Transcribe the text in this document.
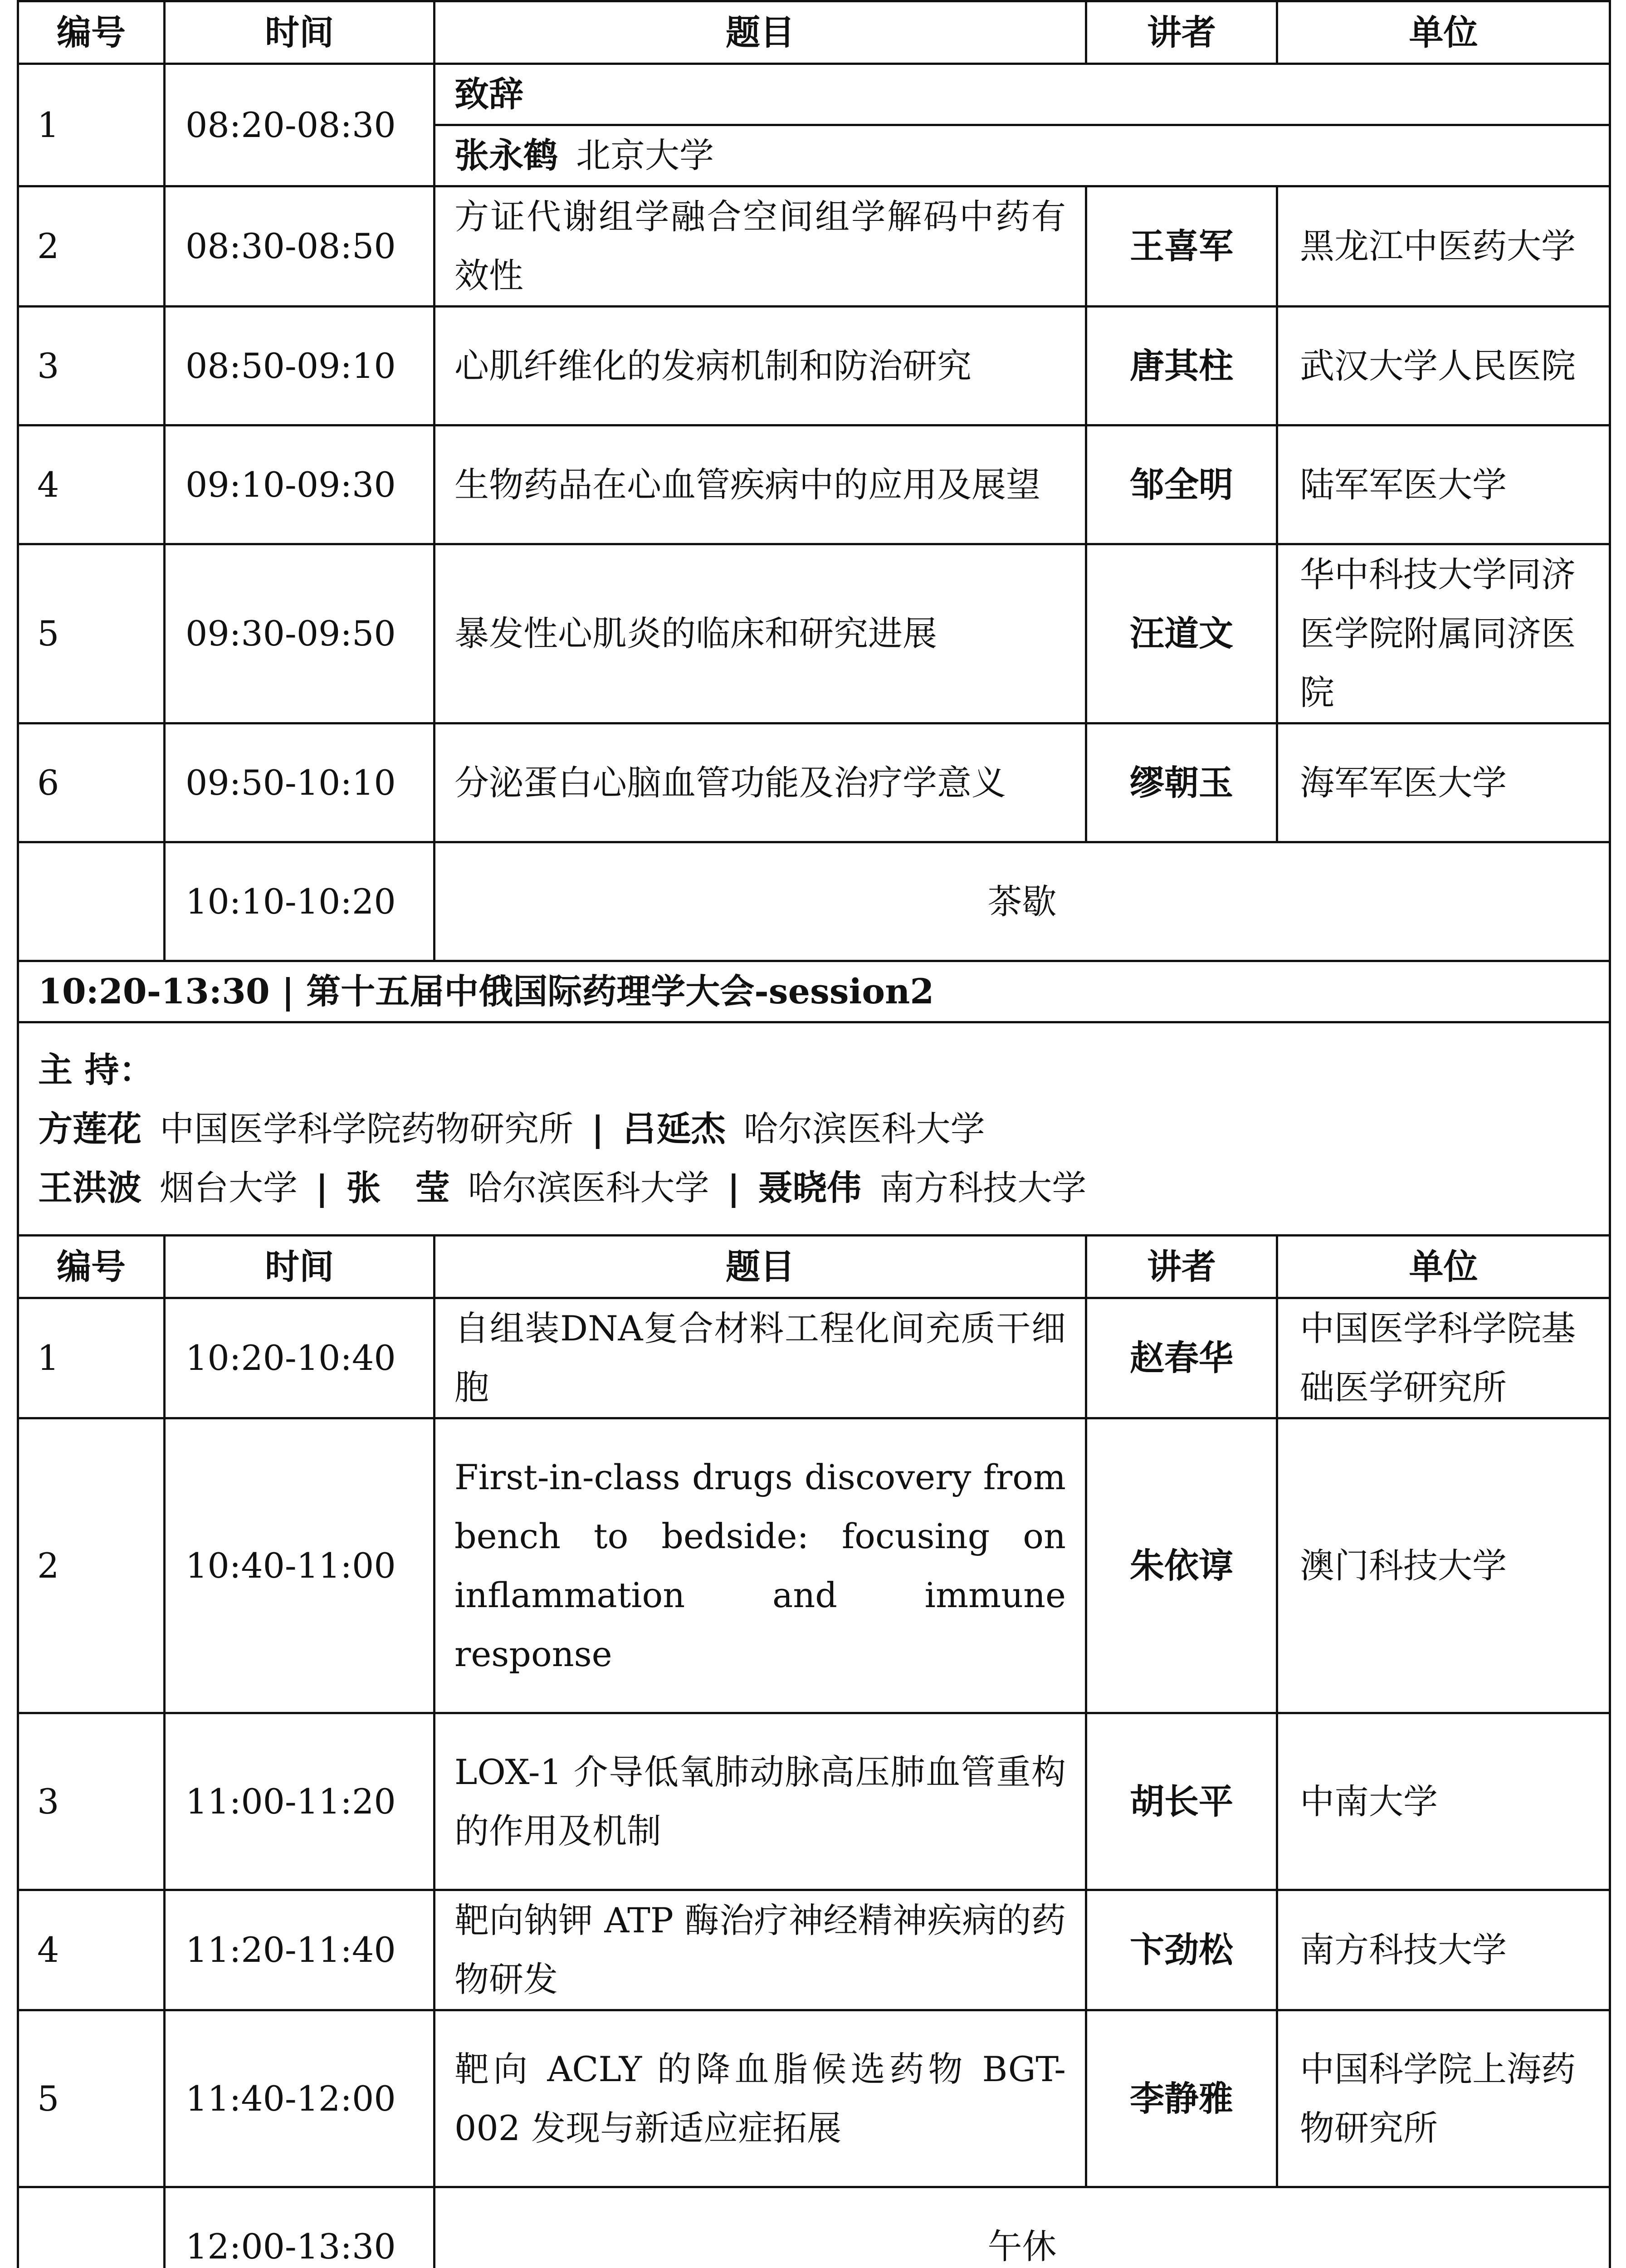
编号	时间	题目	讲者	单位
1	08:20-08:30	致辞		
		张永鹤 北京大学		
2	08:30-08:50	方证代谢组学融合空间组学解码中药有效性	王喜军	黑龙江中医药大学
3	08:50-09:10	心肌纤维化的发病机制和防治研究	唐其柱	武汉大学人民医院
4	09:10-09:30	生物药品在心血管疾病中的应用及展望	邹全明	陆军军医大学
5	09:30-09:50	暴发性心肌炎的临床和研究进展	汪道文	华中科技大学同济医学院附属同济医院
6	09:50-10:10	分泌蛋白心脑血管功能及治疗学意义	缪朝玉	海军军医大学
	10:10-10:20	茶歇		
10:20-13:30 | 第十五届中俄国际药理学大会-session2				

主 持：
方莲花 中国医学科学院药物研究所 | 吕延杰 哈尔滨医科大学
王洪波 烟台大学 | 张　莹 哈尔滨医科大学 | 聂晓伟 南方科技大学				

编号	时间	题目	讲者	单位
1	10:20-10:40	自组装DNA复合材料工程化间充质干细胞	赵春华	中国医学科学院基础医学研究所
2	10:40-11:00	First-in-class drugs discovery from bench to bedside: focusing on inflammation and immune response	朱依谆	澳门科技大学
3	11:00-11:20	LOX-1 介导低氧肺动脉高压肺血管重构的作用及机制	胡长平	中南大学
4	11:20-11:40	靶向钠钾 ATP 酶治疗神经精神疾病的药物研发	卞劲松	南方科技大学
5	11:40-12:00	靶向 ACLY 的降血脂候选药物 BGT-002 发现与新适应症拓展	李静雅	中国科学院上海药物研究所
	12:00-13:30	午休		
